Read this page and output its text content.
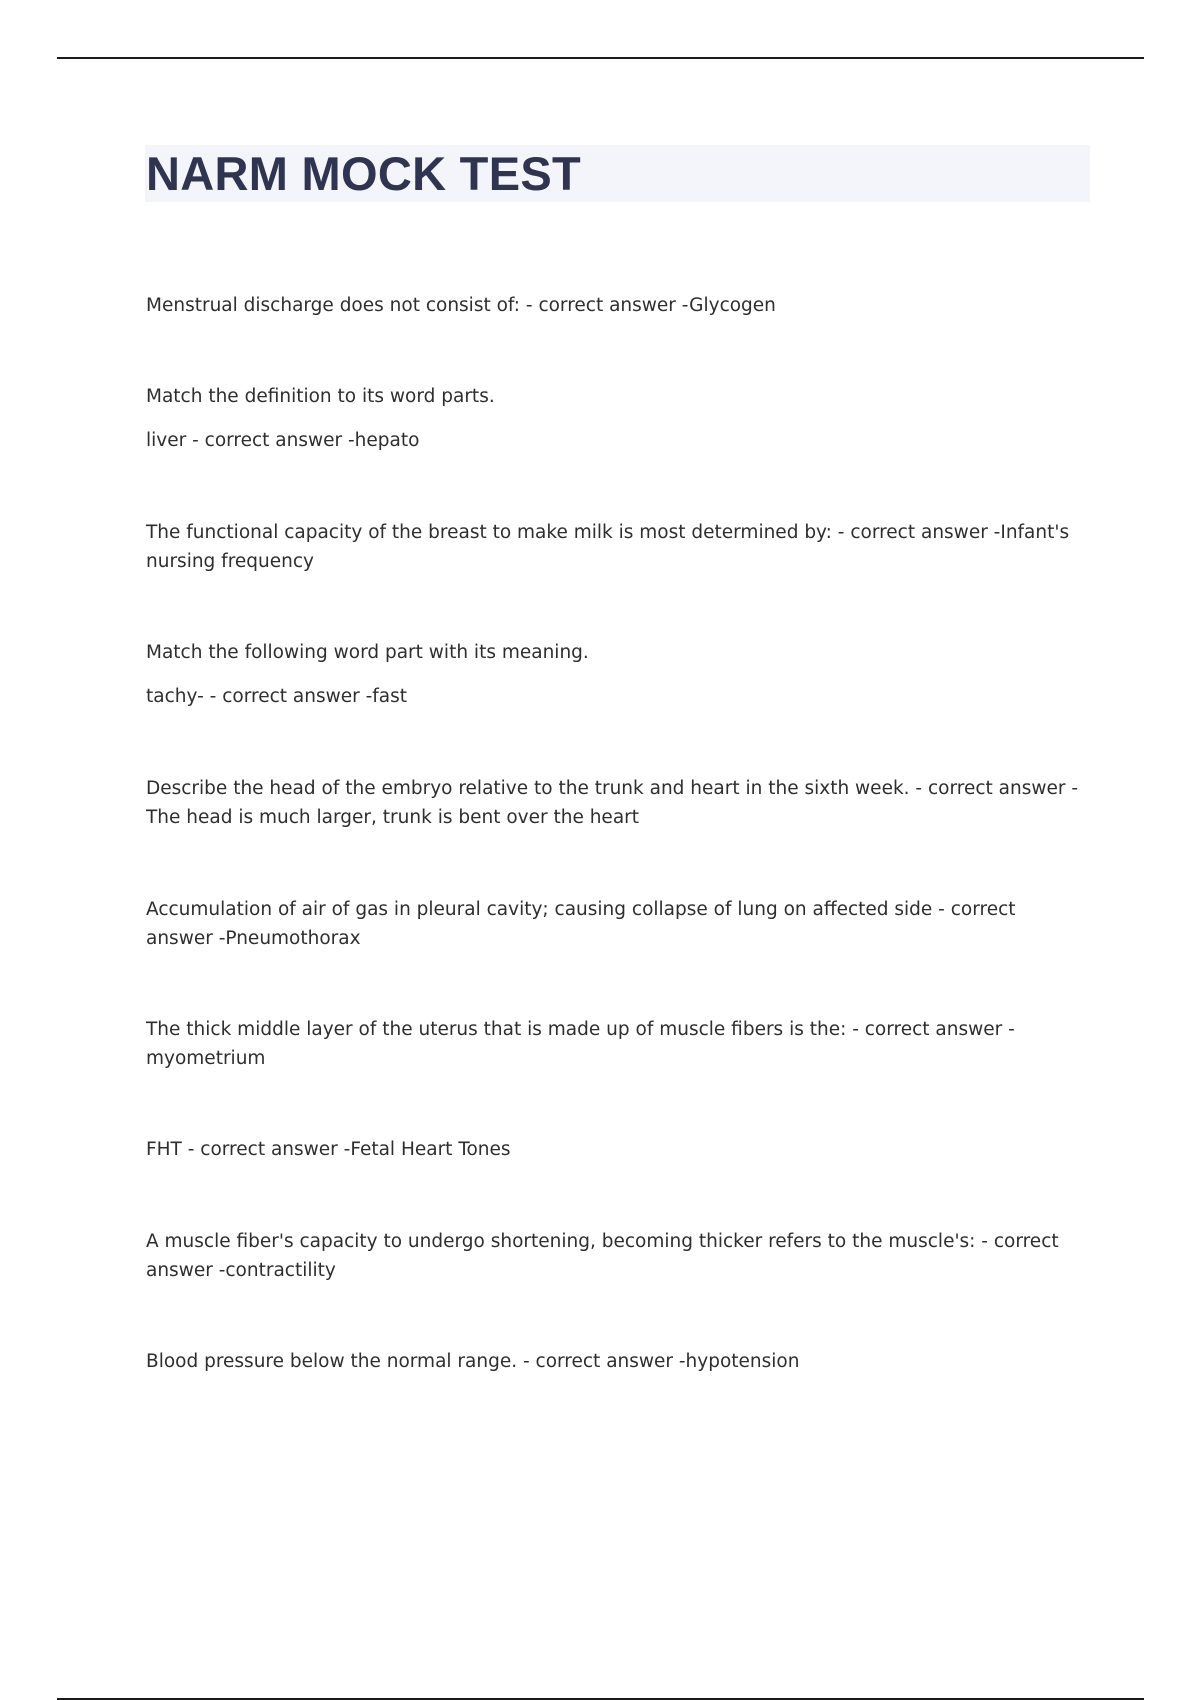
NARM MOCK TEST

Menstrual discharge does not consist of: - correct answer -Glycogen

Match the definition to its word parts.

liver - correct answer -hepato

The functional capacity of the breast to make milk is most determined by: - correct answer -Infant's nursing frequency

Match the following word part with its meaning.

tachy- - correct answer -fast

Describe the head of the embryo relative to the trunk and heart in the sixth week. - correct answer -The head is much larger, trunk is bent over the heart

Accumulation of air of gas in pleural cavity; causing collapse of lung on affected side - correct answer -Pneumothorax

The thick middle layer of the uterus that is made up of muscle fibers is the: - correct answer -myometrium

FHT - correct answer -Fetal Heart Tones

A muscle fiber's capacity to undergo shortening, becoming thicker refers to the muscle's: - correct answer -contractility

Blood pressure below the normal range. - correct answer -hypotension
